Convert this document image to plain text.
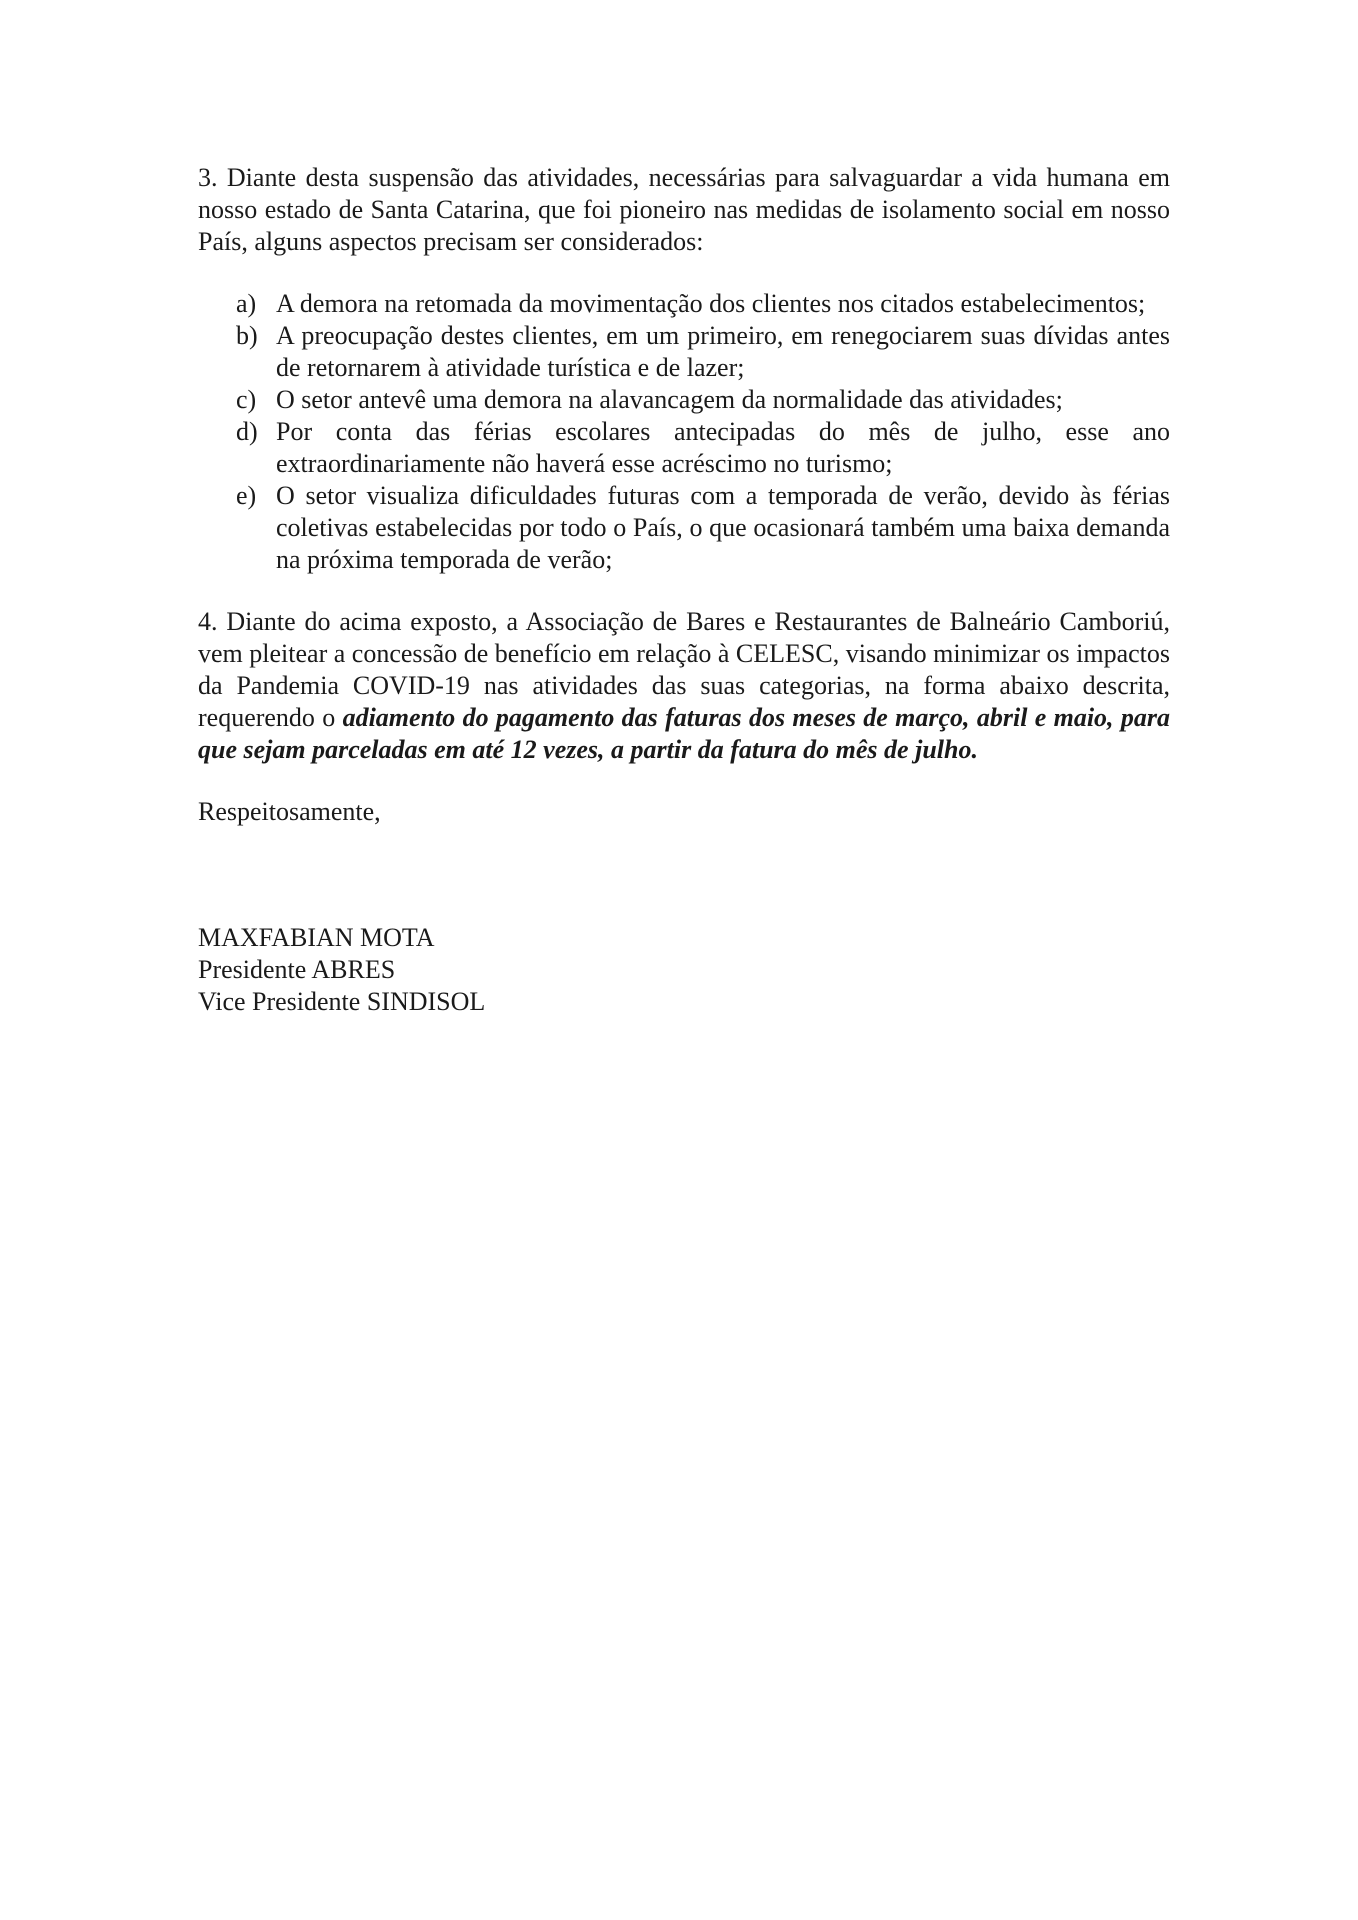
3. Diante desta suspensão das atividades, necessárias para salvaguardar a vida humana em nosso estado de Santa Catarina, que foi pioneiro nas medidas de isolamento social em nosso País, alguns aspectos precisam ser considerados:

a) A demora na retomada da movimentação dos clientes nos citados estabelecimentos;
b) A preocupação destes clientes, em um primeiro, em renegociarem suas dívidas antes de retornarem à atividade turística e de lazer;
c) O setor antevê uma demora na alavancagem da normalidade das atividades;
d) Por conta das férias escolares antecipadas do mês de julho, esse ano extraordinariamente não haverá esse acréscimo no turismo;
e) O setor visualiza dificuldades futuras com a temporada de verão, devido às férias coletivas estabelecidas por todo o País, o que ocasionará também uma baixa demanda na próxima temporada de verão;

4. Diante do acima exposto, a Associação de Bares e Restaurantes de Balneário Camboriú, vem pleitear a concessão de benefício em relação à CELESC, visando minimizar os impactos da Pandemia COVID-19 nas atividades das suas categorias, na forma abaixo descrita, requerendo o adiamento do pagamento das faturas dos meses de março, abril e maio, para que sejam parceladas em até 12 vezes, a partir da fatura do mês de julho.

Respeitosamente,

MAXFABIAN MOTA
Presidente ABRES
Vice Presidente SINDISOL
